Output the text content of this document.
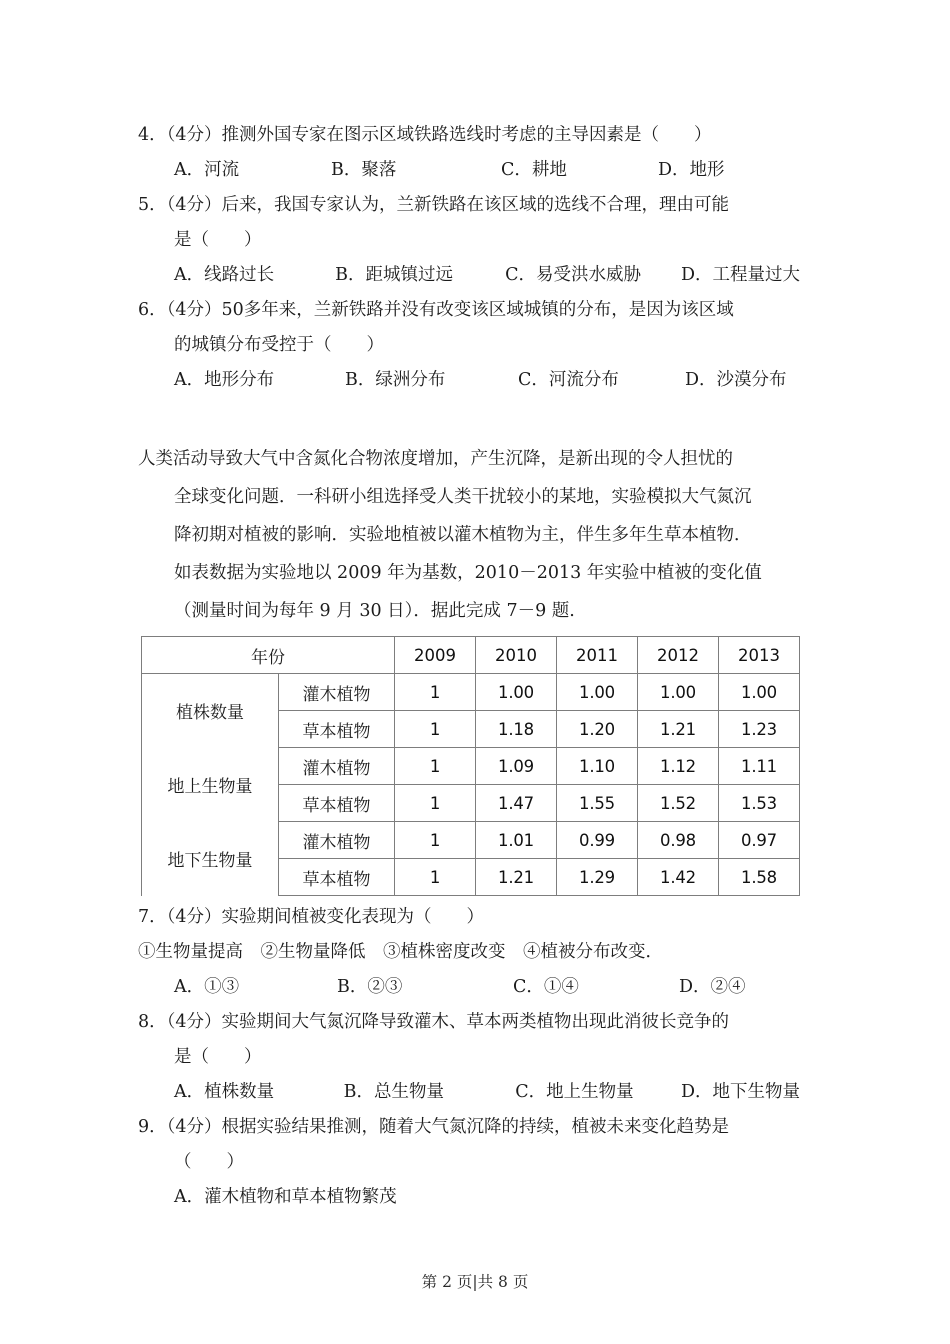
4．（4分）推测外国专家在图示区域铁路选线时考虑的主导因素是（　　）
A．河流	B．聚落	C．耕地	D．地形
5．（4分）后来，我国专家认为，兰新铁路在该区域的选线不合理，理由可能
是（　　）
A．线路过长	B．距城镇过远	C．易受洪水威胁	D．工程量过大
6．（4分）50多年来，兰新铁路并没有改变该区域城镇的分布，是因为该区域
的城镇分布受控于（　　）
A．地形分布	B．绿洲分布	C．河流分布	D．沙漠分布
人类活动导致大气中含氮化合物浓度增加，产生沉降，是新出现的令人担忧的
全球变化问题．一科研小组选择受人类干扰较小的某地，实验模拟大气氮沉
降初期对植被的影响．实验地植被以灌木植物为主，伴生多年生草本植物．
如表数据为实验地以 2009 年为基数，2010－2013 年实验中植被的变化值
（测量时间为每年 9 月 30 日）．据此完成 7－9 题.
年份		2009	2010	2011	2012	2013
植株数量	灌木植物	1	1.00	1.00	1.00	1.00
	草本植物	1	1.18	1.20	1.21	1.23
地上生物量	灌木植物	1	1.09	1.10	1.12	1.11
	草本植物	1	1.47	1.55	1.52	1.53
地下生物量	灌木植物	1	1.01	0.99	0.98	0.97
	草本植物	1	1.21	1.29	1.42	1.58
7．（4分）实验期间植被变化表现为（　　）
①生物量提高　②生物量降低　③植株密度改变　④植被分布改变．
A．①③	B．②③	C．①④	D．②④
8．（4分）实验期间大气氮沉降导致灌木、草本两类植物出现此消彼长竞争的
是（　　）
A．植株数量	B．总生物量	C．地上生物量	D．地下生物量
9．（4分）根据实验结果推测，随着大气氮沉降的持续，植被未来变化趋势是
（　　）
A．灌木植物和草本植物繁茂
第 2 页|共 8 页
